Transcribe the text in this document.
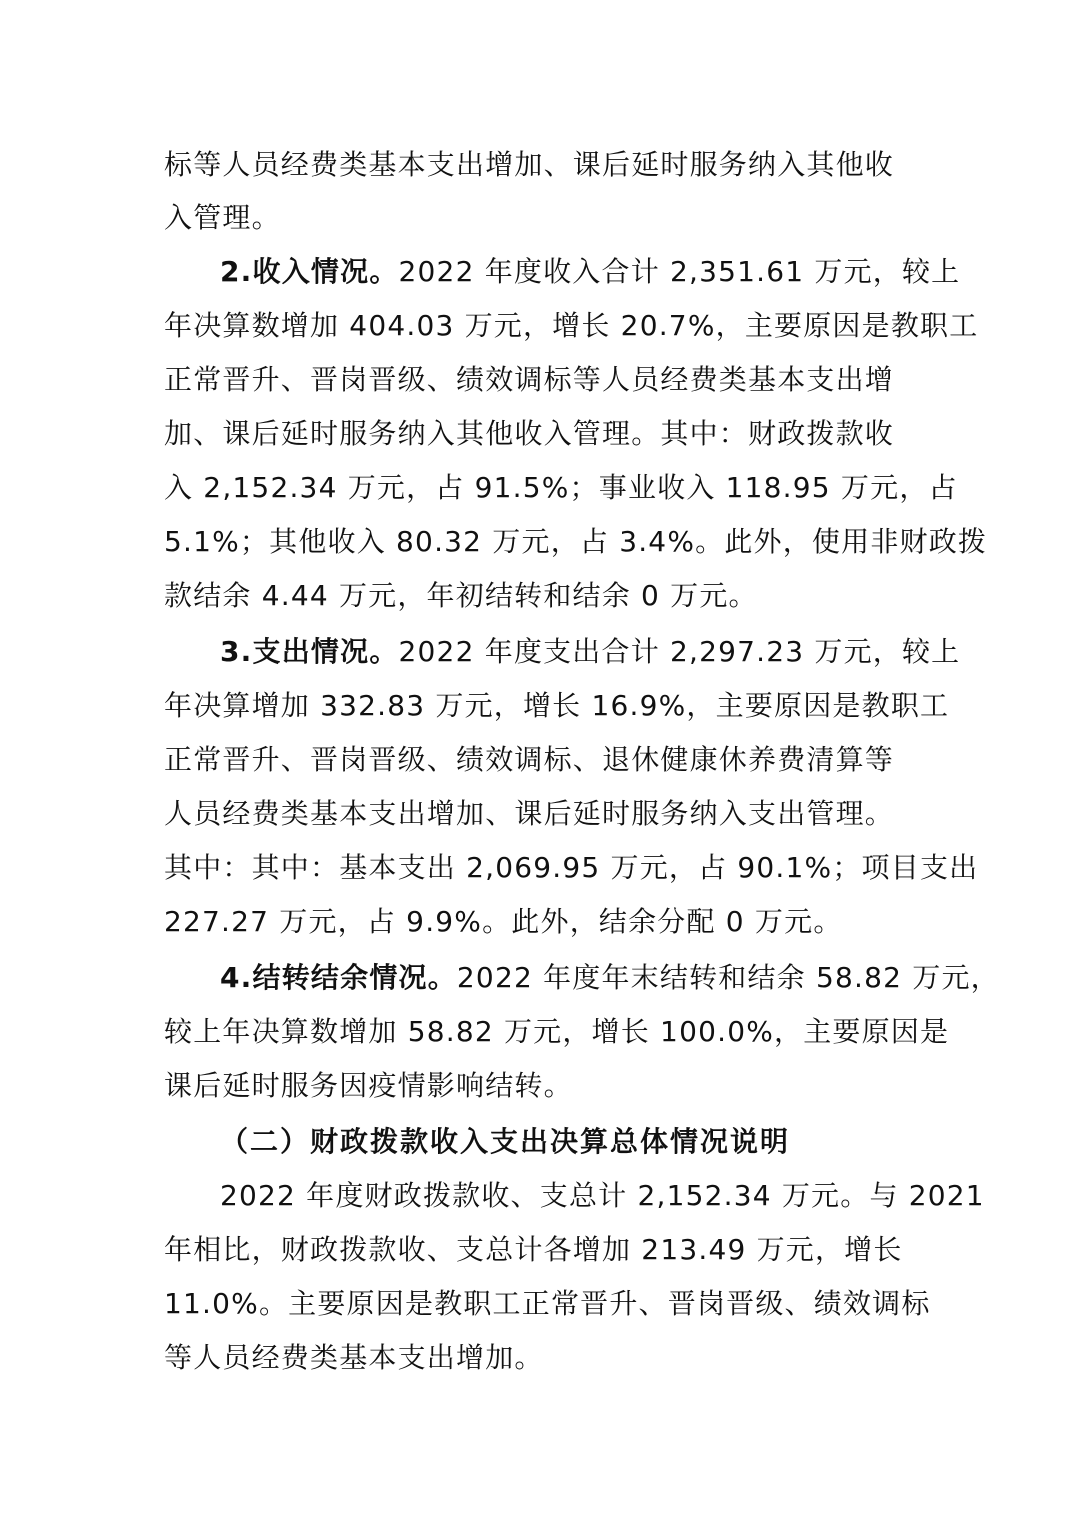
标等人员经费类基本支出增加、课后延时服务纳入其他收
入管理。
2.收入情况。2022 年度收入合计 2,351.61 万元，较上
年决算数增加 404.03 万元，增长 20.7%，主要原因是教职工
正常晋升、晋岗晋级、绩效调标等人员经费类基本支出增
加、课后延时服务纳入其他收入管理。其中：财政拨款收
入 2,152.34 万元，占 91.5%；事业收入 118.95 万元，占
5.1%；其他收入 80.32 万元，占 3.4%。此外，使用非财政拨
款结余 4.44 万元，年初结转和结余 0 万元。
3.支出情况。2022 年度支出合计 2,297.23 万元，较上
年决算增加 332.83 万元，增长 16.9%，主要原因是教职工
正常晋升、晋岗晋级、绩效调标、退休健康休养费清算等
人员经费类基本支出增加、课后延时服务纳入支出管理。
其中：其中：基本支出 2,069.95 万元，占 90.1%；项目支出
227.27 万元，占 9.9%。此外，结余分配 0 万元。
4.结转结余情况。2022 年度年末结转和结余 58.82 万元，
较上年决算数增加 58.82 万元，增长 100.0%，主要原因是
课后延时服务因疫情影响结转。
（二）财政拨款收入支出决算总体情况说明
2022 年度财政拨款收、支总计 2,152.34 万元。与 2021
年相比，财政拨款收、支总计各增加 213.49 万元，增长
11.0%。主要原因是教职工正常晋升、晋岗晋级、绩效调标
等人员经费类基本支出增加。
